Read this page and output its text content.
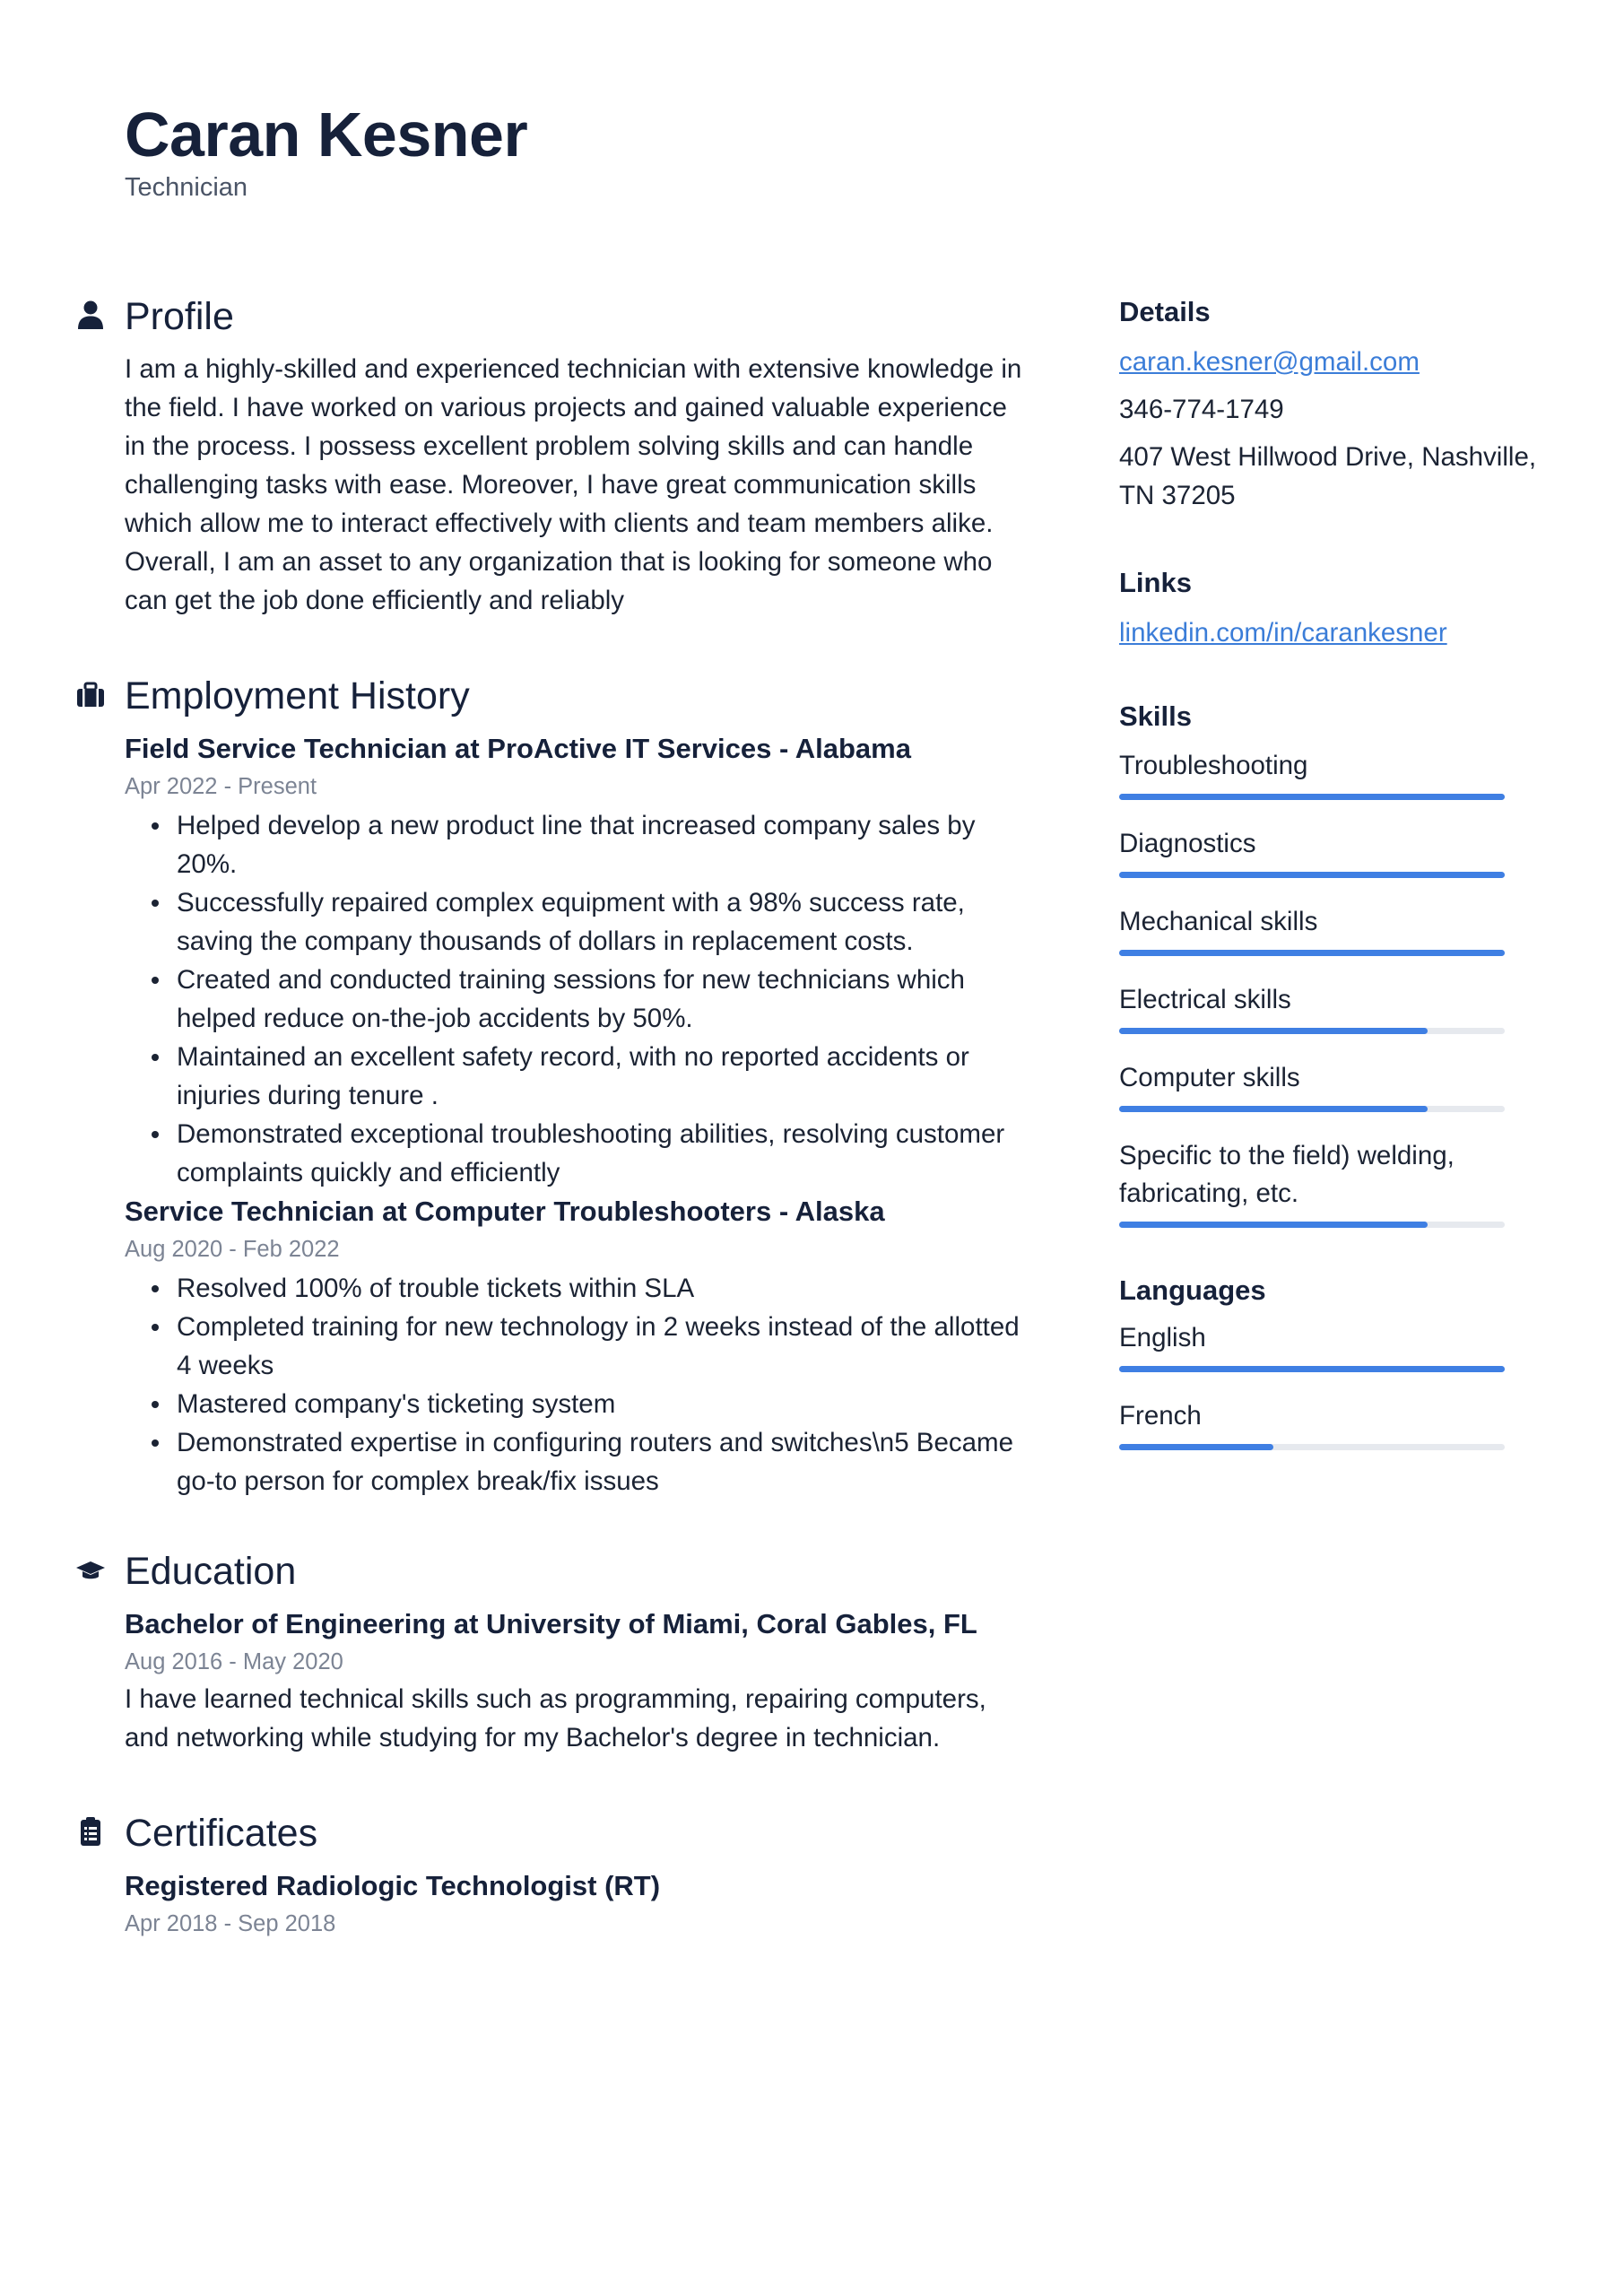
Caran Kesner
Technician
Profile
I am a highly-skilled and experienced technician with extensive knowledge in the field. I have worked on various projects and gained valuable experience in the process. I possess excellent problem solving skills and can handle challenging tasks with ease. Moreover, I have great communication skills which allow me to interact effectively with clients and team members alike. Overall, I am an asset to any organization that is looking for someone who can get the job done efficiently and reliably
Employment History
Field Service Technician at ProActive IT Services - Alabama
Apr 2022 - Present
Helped develop a new product line that increased company sales by 20%.
Successfully repaired complex equipment with a 98% success rate, saving the company thousands of dollars in replacement costs.
Created and conducted training sessions for new technicians which helped reduce on-the-job accidents by 50%.
Maintained an excellent safety record, with no reported accidents or injuries during tenure .
Demonstrated exceptional troubleshooting abilities, resolving customer complaints quickly and efficiently
Service Technician at Computer Troubleshooters - Alaska
Aug 2020 - Feb 2022
Resolved 100% of trouble tickets within SLA
Completed training for new technology in 2 weeks instead of the allotted 4 weeks
Mastered company's ticketing system
Demonstrated expertise in configuring routers and switches\n5 Became go-to person for complex break/fix issues
Education
Bachelor of Engineering at University of Miami, Coral Gables, FL
Aug 2016 - May 2020
I have learned technical skills such as programming, repairing computers, and networking while studying for my Bachelor's degree in technician.
Certificates
Registered Radiologic Technologist (RT)
Apr 2018 - Sep 2018
Details
caran.kesner@gmail.com
346-774-1749
407 West Hillwood Drive, Nashville, TN 37205
Links
linkedin.com/in/carankesner
Skills
Troubleshooting
Diagnostics
Mechanical skills
Electrical skills
Computer skills
Specific to the field) welding, fabricating, etc.
Languages
English
French
